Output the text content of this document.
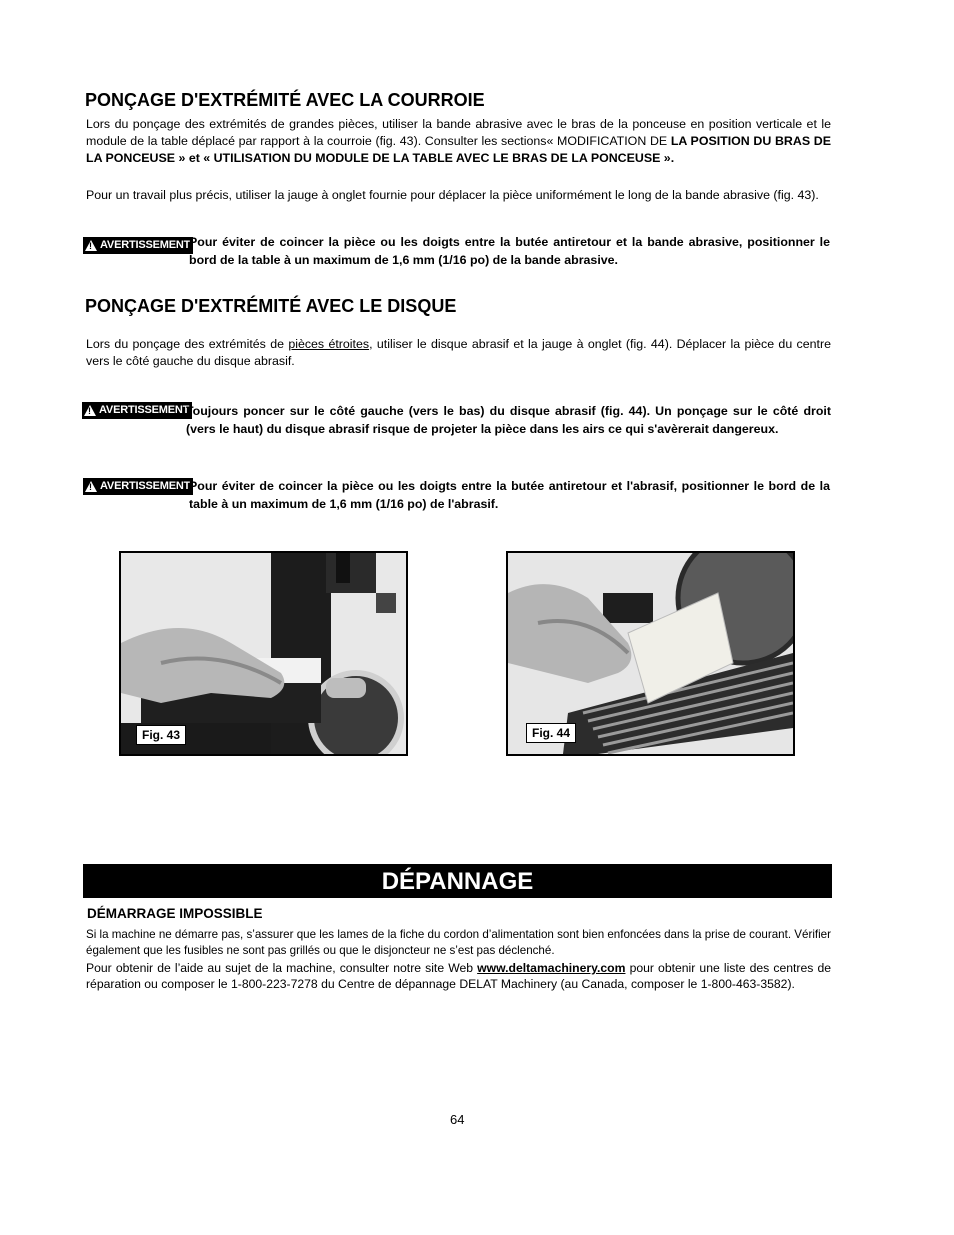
PONÇAGE D'EXTRÉMITÉ AVEC LA COURROIE
Lors du ponçage des extrémités de grandes pièces, utiliser la bande abrasive avec le bras de la ponceuse en position verticale et le module de la table déplacé par rapport à la courroie (fig. 43). Consulter les sections« MODIFICATION DE LA POSITION DU BRAS DE LA PONCEUSE » et « UTILISATION DU MODULE DE LA TABLE AVEC LE BRAS DE LA PONCEUSE ».
Pour un travail plus précis, utiliser la jauge à onglet fournie pour déplacer la pièce uniformément le long de la bande abrasive (fig. 43).
!
AVERTISSEMENT
Pour éviter de coincer la pièce ou les doigts entre la butée antiretour et la bande abrasive, positionner le bord de la table à un maximum de 1,6 mm (1/16 po) de la bande abrasive.
PONÇAGE D'EXTRÉMITÉ AVEC LE DISQUE
Lors du ponçage des extrémités de pièces étroites, utiliser le disque abrasif et la jauge à onglet (fig. 44). Déplacer la pièce du centre vers le côté gauche du disque abrasif.
!
AVERTISSEMENT
Toujours poncer sur le côté gauche (vers le bas) du disque abrasif (fig. 44). Un ponçage sur le côté droit (vers le haut) du disque abrasif risque de projeter la pièce dans les airs ce qui s'avèrerait dangereux.
!
AVERTISSEMENT
Pour éviter de coincer la pièce ou les doigts entre la butée antiretour et l'abrasif, positionner le bord de la table à un maximum de 1,6 mm (1/16 po) de l'abrasif.
Fig. 43	Fig. 44
DÉPANNAGE
DÉMARRAGE IMPOSSIBLE
Si la machine ne démarre pas, s’assurer que les lames de la fiche du cordon d’alimentation sont bien enfoncées dans la prise de courant. Vérifier également que les fusibles ne sont pas grillés ou que le disjoncteur ne s’est pas déclenché.
Pour obtenir de l’aide au sujet de la machine, consulter notre site Web www.deltamachinery.com pour obtenir une liste des centres de réparation ou composer le 1-800-223-7278 du Centre de dépannage DELAT Machinery (au Canada, composer le 1-800-463-3582).
64
